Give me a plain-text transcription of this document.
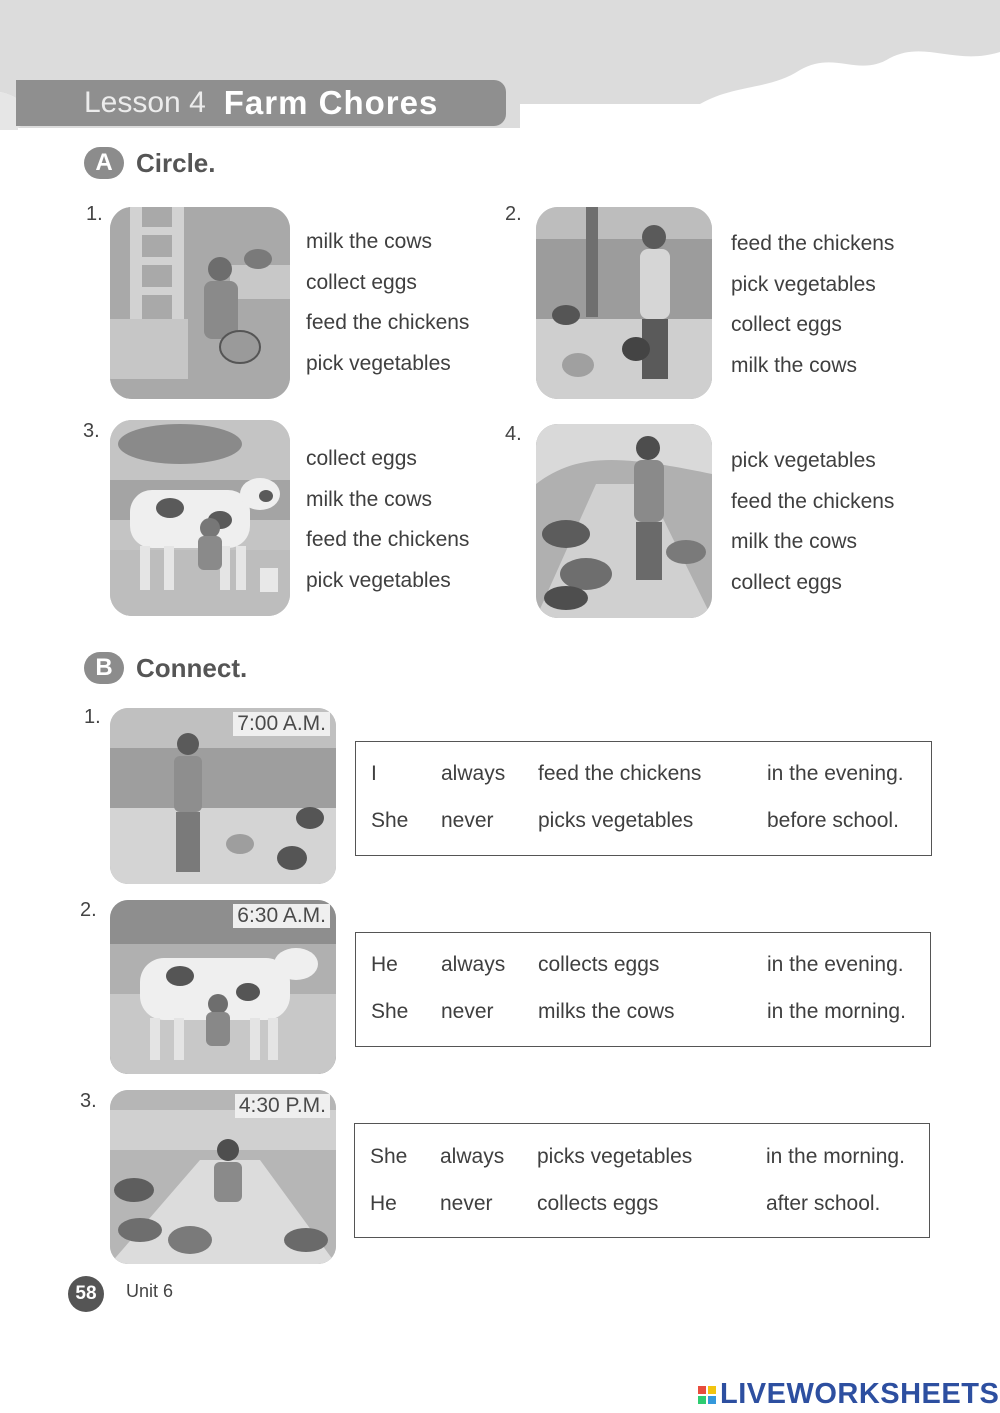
Lesson 4 Farm Chores
A Circle.
1.
milk the cows
collect eggs
feed the chickens
pick vegetables
2.
feed the chickens
pick vegetables
collect eggs
milk the cows
3.
collect eggs
milk the cows
feed the chickens
pick vegetables
4.
pick vegetables
feed the chickens
milk the cows
collect eggs
B Connect.
1.	7:00 A.M.
I	always feed the chickens	in the evening.
She never picks vegetables	before school.
2.	6:30 A.M.
He always collects eggs	in the evening.
She never milks the cows	in the morning.
3.	4:30 P.M.
She always picks vegetables	in the morning.
He never collects eggs	after school.
58	Unit 6
LIVEWORKSHEETS
